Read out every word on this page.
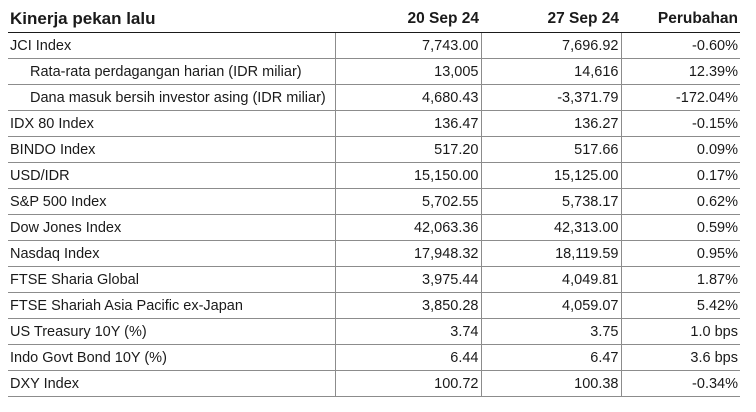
Kinerja pekan lalu	20 Sep 24	27 Sep 24	Perubahan
JCI Index	7,743.00	7,696.92	-0.60%
Rata-rata perdagangan harian (IDR miliar)	13,005	14,616	12.39%
Dana masuk bersih investor asing (IDR miliar)	4,680.43	-3,371.79	-172.04%
IDX 80 Index	136.47	136.27	-0.15%
BINDO Index	517.20	517.66	0.09%
USD/IDR	15,150.00	15,125.00	0.17%
S&P 500 Index	5,702.55	5,738.17	0.62%
Dow Jones Index	42,063.36	42,313.00	0.59%
Nasdaq Index	17,948.32	18,119.59	0.95%
FTSE Sharia Global	3,975.44	4,049.81	1.87%
FTSE Shariah Asia Pacific ex-Japan	3,850.28	4,059.07	5.42%
US Treasury 10Y (%)	3.74	3.75	1.0 bps
Indo Govt Bond 10Y (%)	6.44	6.47	3.6 bps
DXY Index	100.72	100.38	-0.34%
